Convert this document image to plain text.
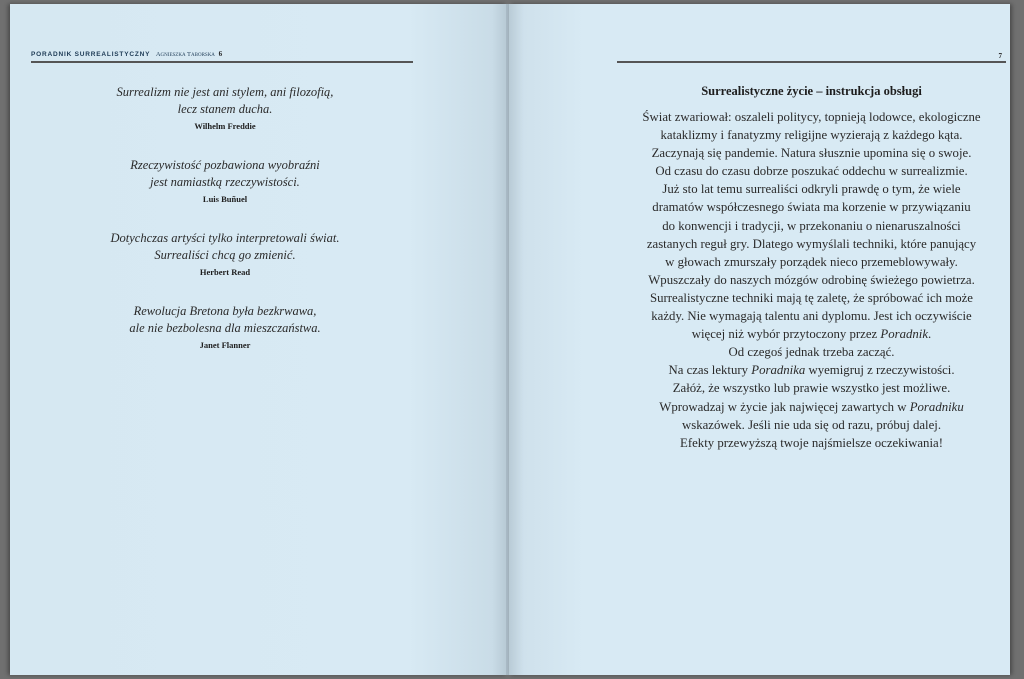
PORADNIK SURREALISTYCZNY Agnieszka Taborska 6
Surrealizm nie jest ani stylem, ani filozofią,
lecz stanem ducha.
Wilhelm Freddie
Rzeczywistość pozbawiona wyobraźni
jest namiastką rzeczywistości.
Luis Buñuel
Dotychczas artyści tylko interpretowali świat.
Surrealiści chcą go zmienić.
Herbert Read
Rewolucja Bretona była bezkrwawa,
ale nie bezbolesna dla mieszczaństwa.
Janet Flanner
7
Surrealistyczne życie – instrukcja obsługi
Świat zwariował: oszaleli politycy, topnieją lodowce, ekologiczne
kataklizmy i fanatyzmy religijne wyzierają z każdego kąta.
Zaczynają się pandemie. Natura słusznie upomina się o swoje.
Od czasu do czasu dobrze poszukać oddechu w surrealizmie.
Już sto lat temu surrealiści odkryli prawdę o tym, że wiele
dramatów współczesnego świata ma korzenie w przywiązaniu
do konwencji i tradycji, w przekonaniu o nienaruszalności
zastanych reguł gry. Dlatego wymyślali techniki, które panujący
w głowach zmurszały porządek nieco przemeblowywały.
Wpuszczały do naszych mózgów odrobinę świeżego powietrza.
Surrealistyczne techniki mają tę zaletę, że spróbować ich może
każdy. Nie wymagają talentu ani dyplomu. Jest ich oczywiście
więcej niż wybór przytoczony przez Poradnik.
Od czegoś jednak trzeba zacząć.
Na czas lektury Poradnika wyemigruj z rzeczywistości.
Załóż, że wszystko lub prawie wszystko jest możliwe.
Wprowadzaj w życie jak najwięcej zawartych w Poradniku
wskazówek. Jeśli nie uda się od razu, próbuj dalej.
Efekty przewyższą twoje najśmielsze oczekiwania!
